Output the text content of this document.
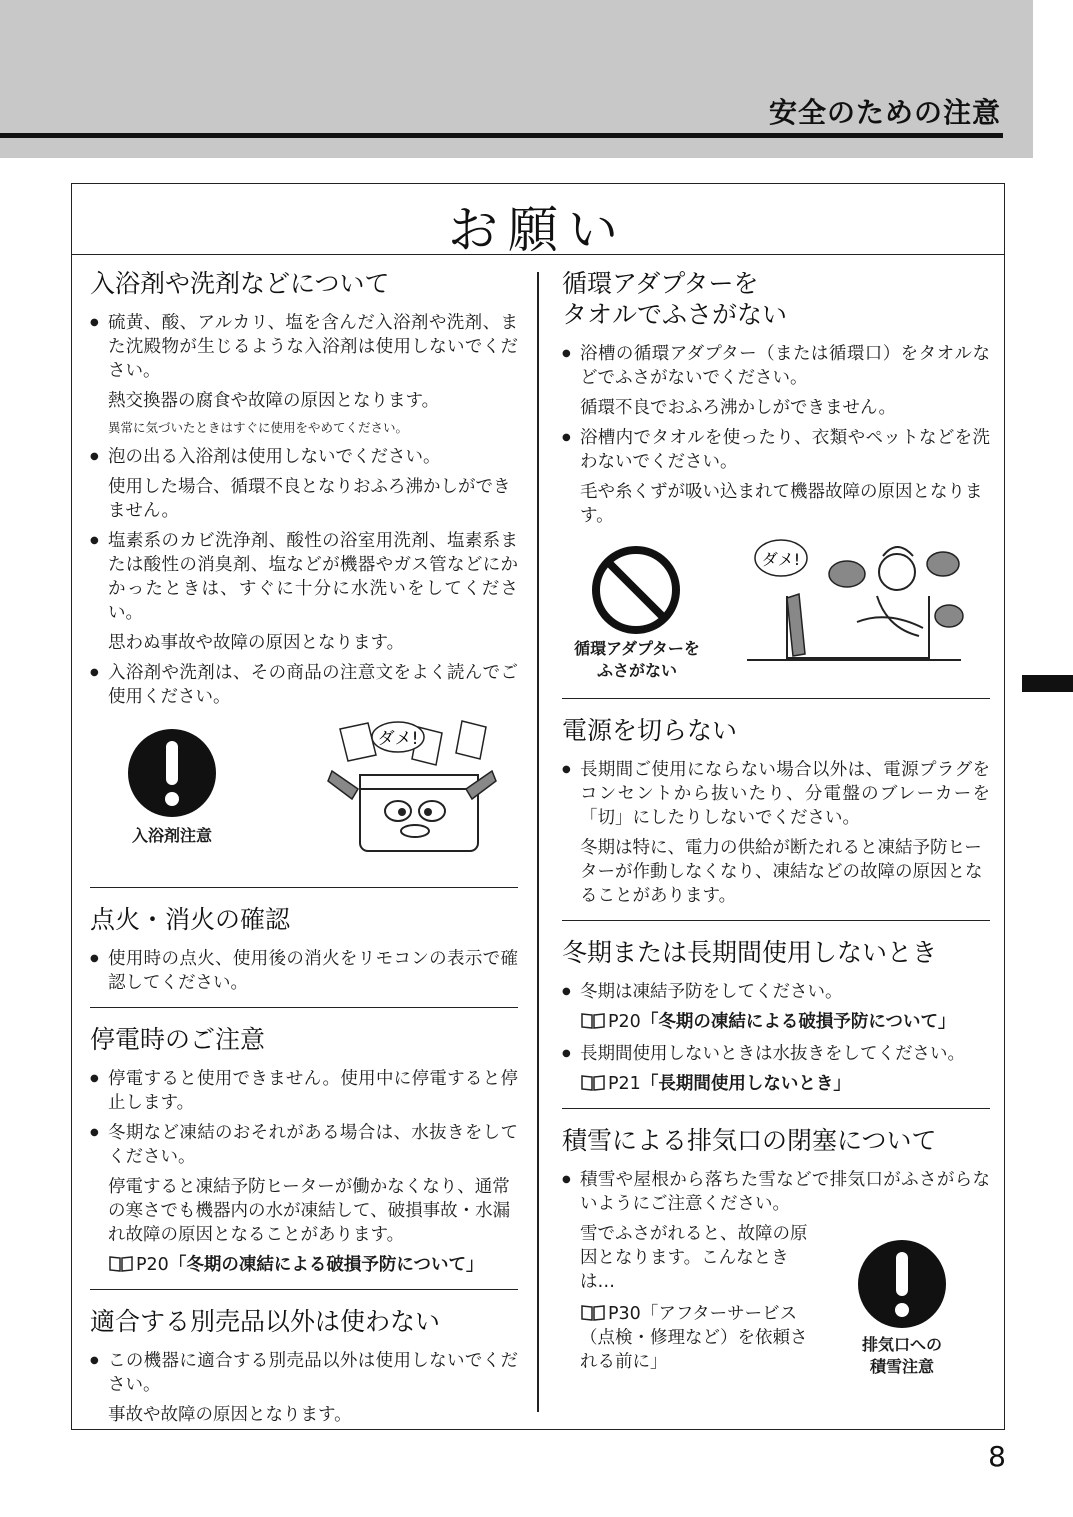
安全のための注意
お願い
入浴剤や洗剤などについて
● 硫黄、酸、アルカリ、塩を含んだ入浴剤や洗剤、また沈殿物が生じるような入浴剤は使用しないでください。
熱交換器の腐食や故障の原因となります。
異常に気づいたときはすぐに使用をやめてください。
● 泡の出る入浴剤は使用しないでください。
使用した場合、循環不良となりおふろ沸かしができません。
● 塩素系のカビ洗浄剤、酸性の浴室用洗剤、塩素系または酸性の消臭剤、塩などが機器やガス管などにかかったときは、すぐに十分に水洗いをしてください。
思わぬ事故や故障の原因となります。
● 入浴剤や洗剤は、その商品の注意文をよく読んでご使用ください。
入浴剤注意
ダメ!
点火・消火の確認
● 使用時の点火、使用後の消火をリモコンの表示で確認してください。
停電時のご注意
● 停電すると使用できません。使用中に停電すると停止します。
● 冬期など凍結のおそれがある場合は、水抜きをしてください。
停電すると凍結予防ヒーターが働かなくなり、通常の寒さでも機器内の水が凍結して、破損事故・水漏れ故障の原因となることがあります。
P20「冬期の凍結による破損予防について」
適合する別売品以外は使わない
● この機器に適合する別売品以外は使用しないでください。
事故や故障の原因となります。
循環アダプターを
タオルでふさがない
● 浴槽の循環アダプター（または循環口）をタオルなどでふさがないでください。
循環不良でおふろ沸かしができません。
● 浴槽内でタオルを使ったり、衣類やペットなどを洗わないでください。
毛や糸くずが吸い込まれて機器故障の原因となります。
循環アダプターを
ふさがない
ダメ!
電源を切らない
● 長期間ご使用にならない場合以外は、電源プラグをコンセントから抜いたり、分電盤のブレーカーを「切」にしたりしないでください。
冬期は特に、電力の供給が断たれると凍結予防ヒーターが作動しなくなり、凍結などの故障の原因となることがあります。
冬期または長期間使用しないとき
● 冬期は凍結予防をしてください。
P20「冬期の凍結による破損予防について」
● 長期間使用しないときは水抜きをしてください。
P21「長期間使用しないとき」
積雪による排気口の閉塞について
● 積雪や屋根から落ちた雪などで排気口がふさがらないようにご注意ください。
雪でふさがれると、故障の原因となります。こんなときは…
P30「アフターサービス（点検・修理など）を依頼される前に」
排気口への
積雪注意
8
